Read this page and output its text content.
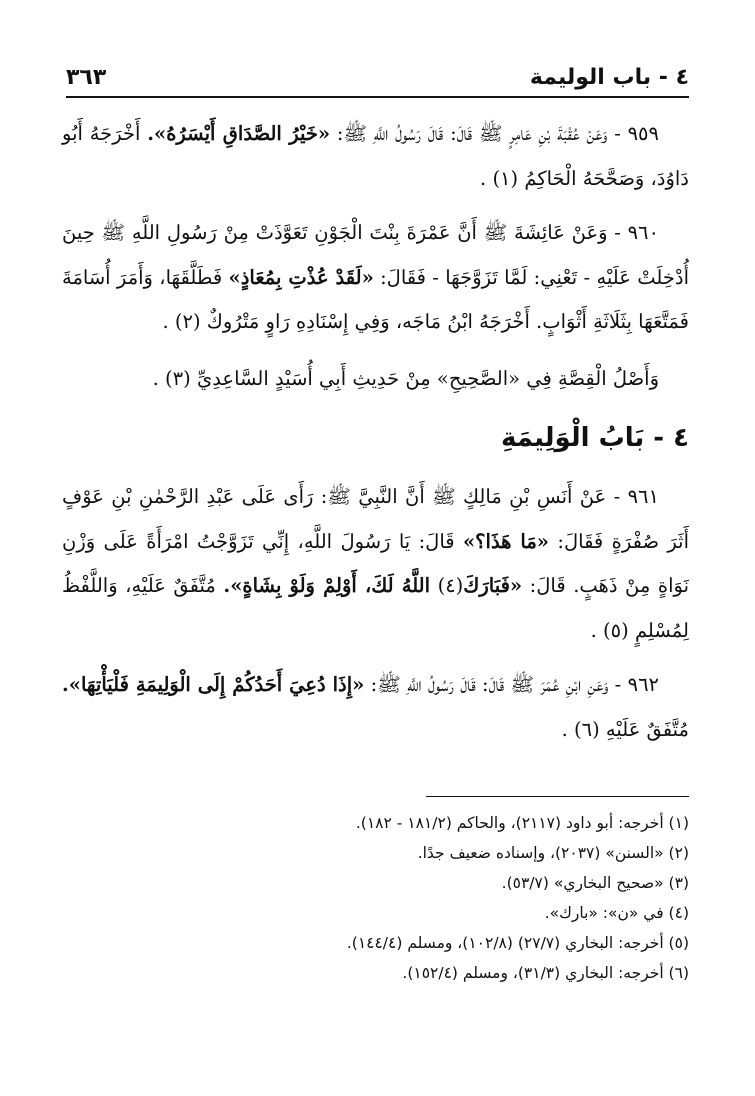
٤ - باب الوليمة
٣٦٣

٩٥٩ - وَعَنْ عُقْبَةَ بْنِ عَامِرٍ ﷺ قَالَ: قَالَ رَسُولُ اللَّهِ ﷺ: «خَيْرُ الصَّدَاقِ أَيْسَرُهُ». أَخْرَجَهُ أَبُو دَاوُدَ، وَصَحَّحَهُ الْحَاكِمُ (١) .

٩٦٠ - وَعَنْ عَائِشَةَ ﷺ أَنَّ عَمْرَةَ بِنْتَ الْجَوْنِ تَعَوَّذَتْ مِنْ رَسُولِ اللَّهِ ﷺ حِينَ أُدْخِلَتْ عَلَيْهِ - تَعْنِي: لَمَّا تَزَوَّجَهَا - فَقَالَ: «لَقَدْ عُذْتِ بِمُعَاذٍ» فَطَلَّقَهَا، وَأَمَرَ أُسَامَةَ فَمَتَّعَهَا بِثَلَاثَةِ أَثْوَابٍ. أَخْرَجَهُ ابْنُ مَاجَه، وَفِي إِسْنَادِهِ رَاوٍ مَتْرُوكٌ (٢) .

وَأَصْلُ الْقِصَّةِ فِي «الصَّحِيحِ» مِنْ حَدِيثِ أَبِي أُسَيْدٍ السَّاعِدِيِّ (٣) .

٤ - بَابُ الْوَلِيمَةِ

٩٦١ - عَنْ أَنَسِ بْنِ مَالِكٍ ﷺ أَنَّ النَّبِيَّ ﷺ: رَأَى عَلَى عَبْدِ الرَّحْمٰنِ بْنِ عَوْفٍ أَثَرَ صُفْرَةٍ فَقَالَ: «مَا هَذَا؟» قَالَ: يَا رَسُولَ اللَّهِ، إِنِّي تَزَوَّجْتُ امْرَأَةً عَلَى وَزْنِ نَوَاةٍ مِنْ ذَهَبٍ. قَالَ: «فَبَارَكَ(٤) اللَّهُ لَكَ، أَوْلِمْ وَلَوْ بِشَاةٍ». مُتَّفَقٌ عَلَيْهِ، وَاللَّفْظُ لِمُسْلِمٍ (٥) .

٩٦٢ - وَعَنِ ابْنِ عُمَرَ ﷺ قَالَ: قَالَ رَسُولُ اللَّهِ ﷺ: «إِذَا دُعِيَ أَحَدُكُمْ إِلَى الْوَلِيمَةِ فَلْيَأْتِهَا». مُتَّفَقٌ عَلَيْهِ (٦) .

(١) أخرجه: أبو داود (٢١١٧)، والحاكم (١٨١/٢ - ١٨٢).
(٢) «السنن» (٢٠٣٧)، وإسناده ضعيف جدًا.
(٣) «صحيح البخاري» (٥٣/٧).
(٤) في «ن»: «بارك».
(٥) أخرجه: البخاري (٢٧/٧) (١٠٢/٨)، ومسلم (١٤٤/٤).
(٦) أخرجه: البخاري (٣١/٣)، ومسلم (١٥٢/٤).
